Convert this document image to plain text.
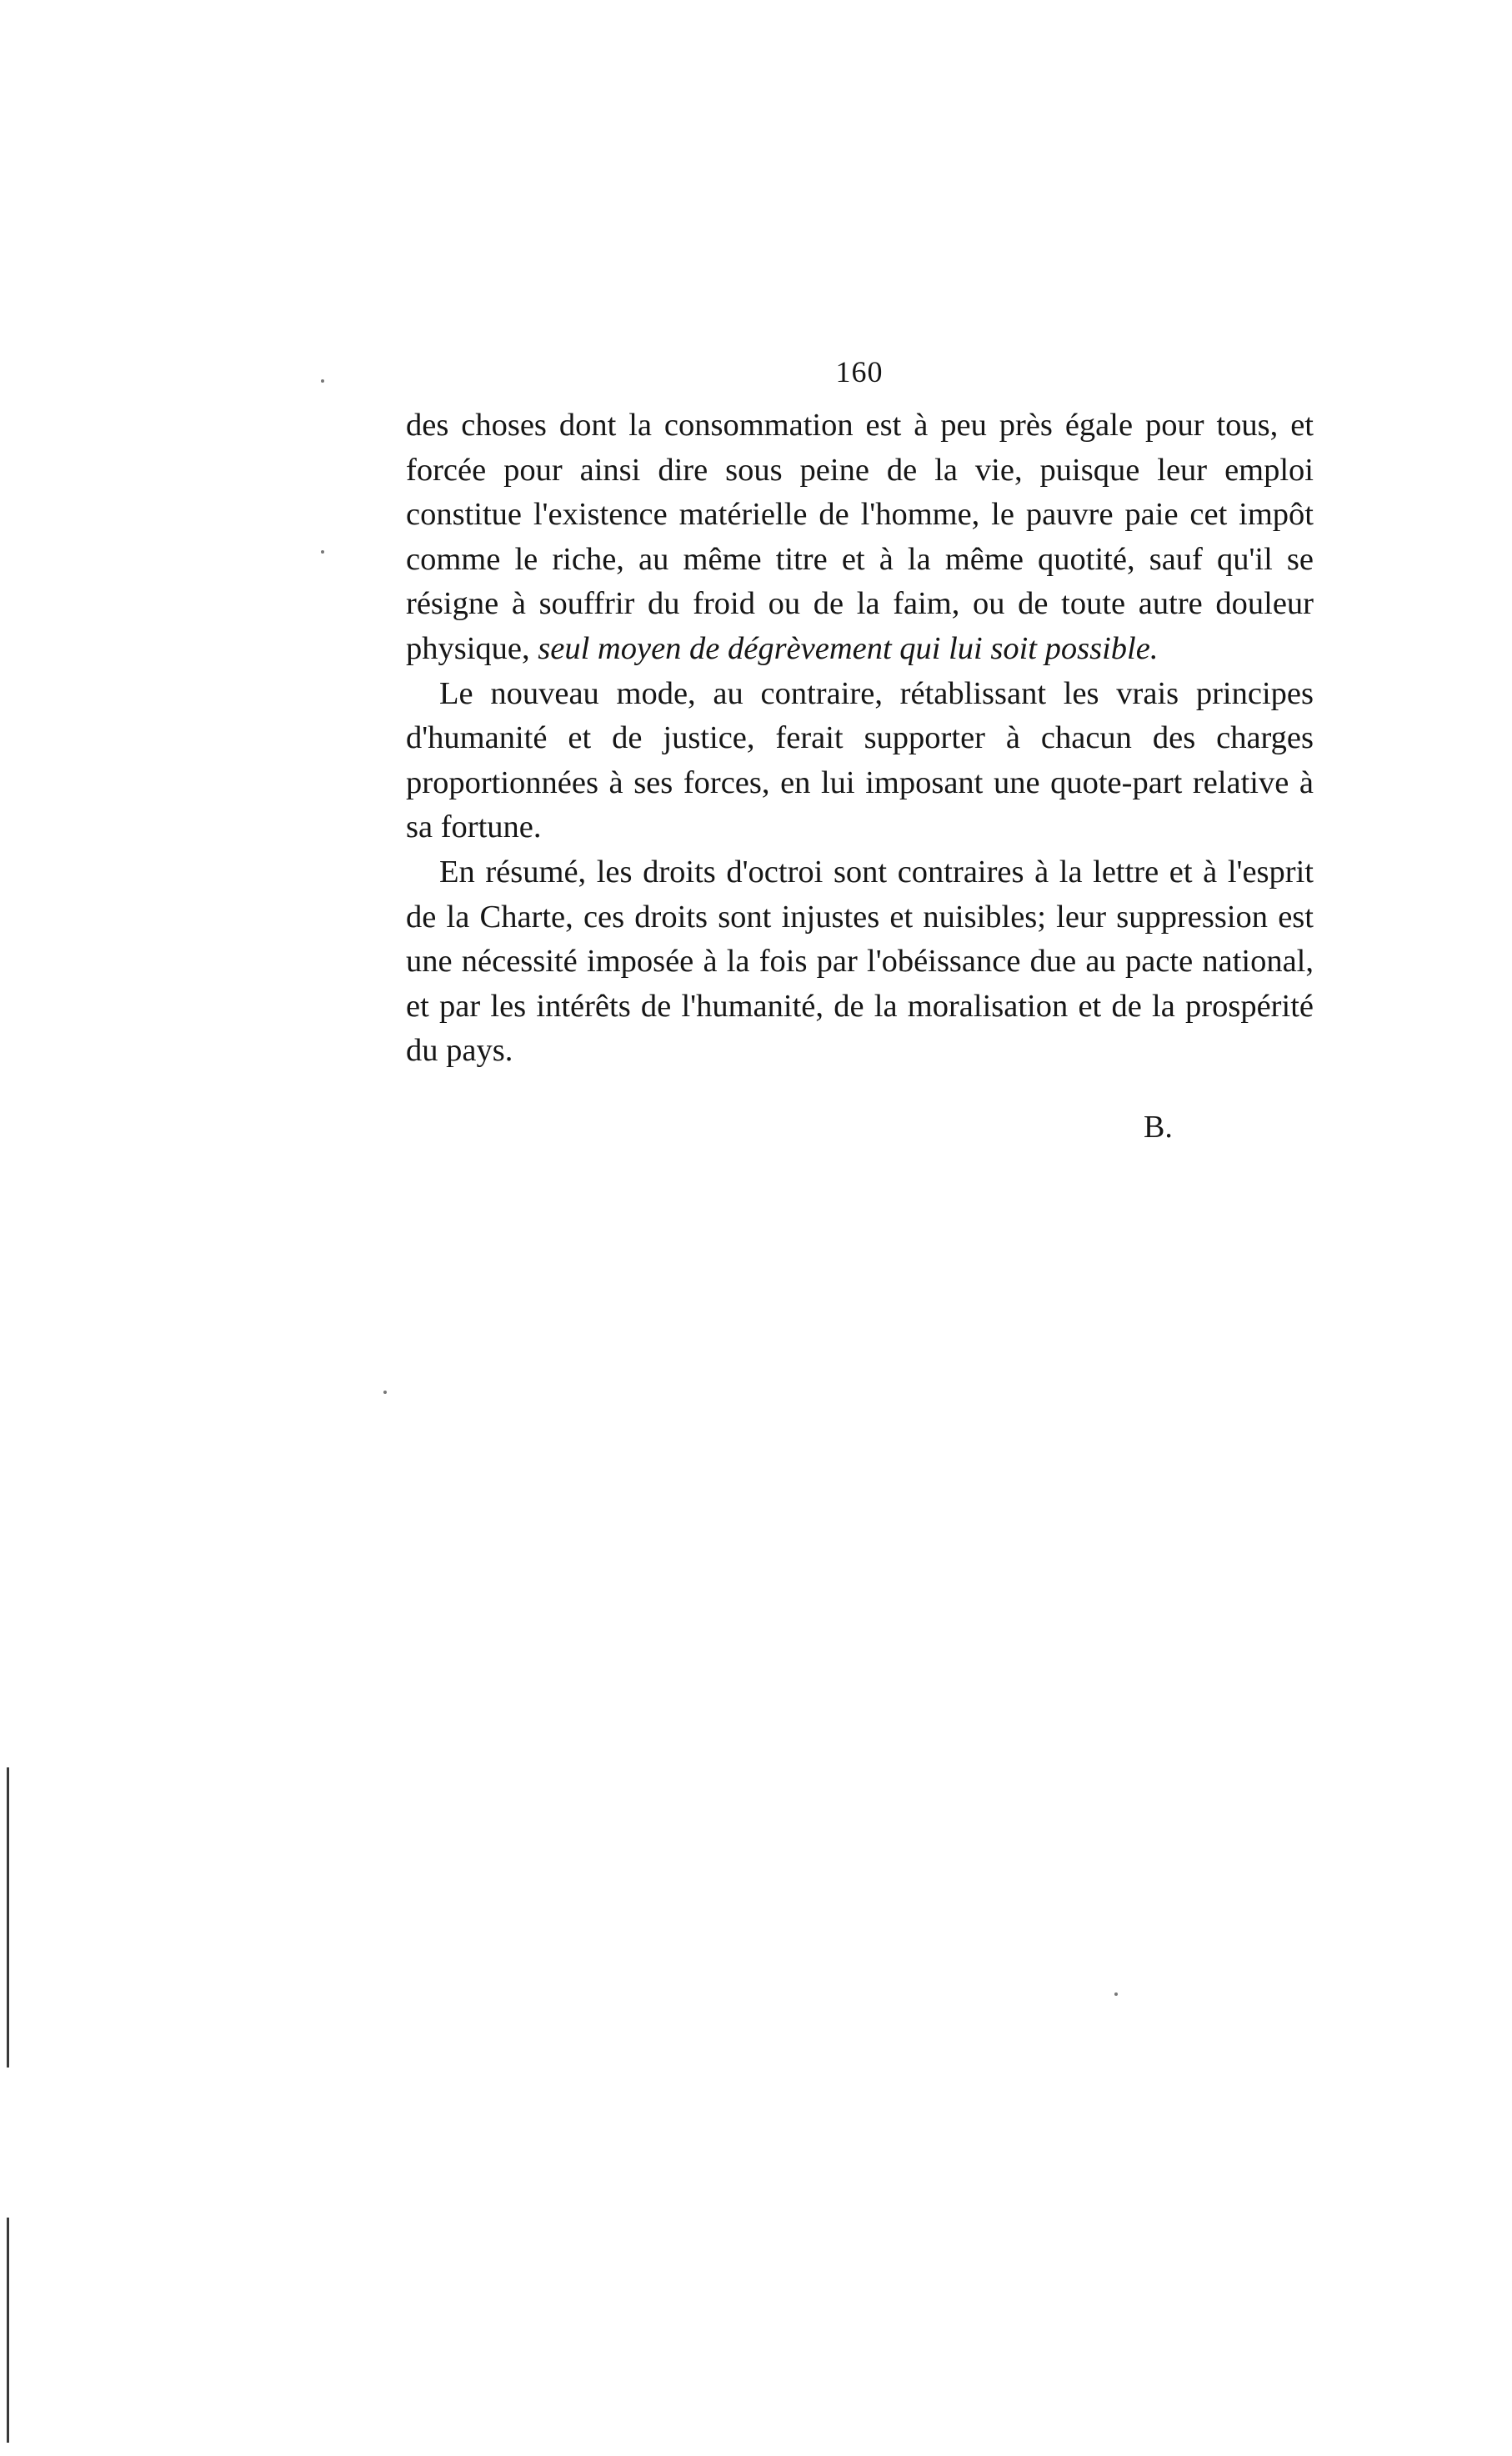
160

des choses dont la consommation est à peu près égale pour tous, et forcée pour ainsi dire sous peine de la vie, puisque leur emploi constitue l'existence matérielle de l'homme, le pauvre paie cet impôt comme le riche, au même titre et à la même quotité, sauf qu'il se résigne à souffrir du froid ou de la faim, ou de toute autre douleur physique, seul moyen de dégrèvement qui lui soit possible.

Le nouveau mode, au contraire, rétablissant les vrais principes d'humanité et de justice, ferait supporter à chacun des charges proportionnées à ses forces, en lui imposant une quote-part relative à sa fortune.

En résumé, les droits d'octroi sont contraires à la lettre et à l'esprit de la Charte, ces droits sont injustes et nuisibles; leur suppression est une nécessité imposée à la fois par l'obéissance due au pacte national, et par les intérêts de l'humanité, de la moralisation et de la prospérité du pays.

B.
